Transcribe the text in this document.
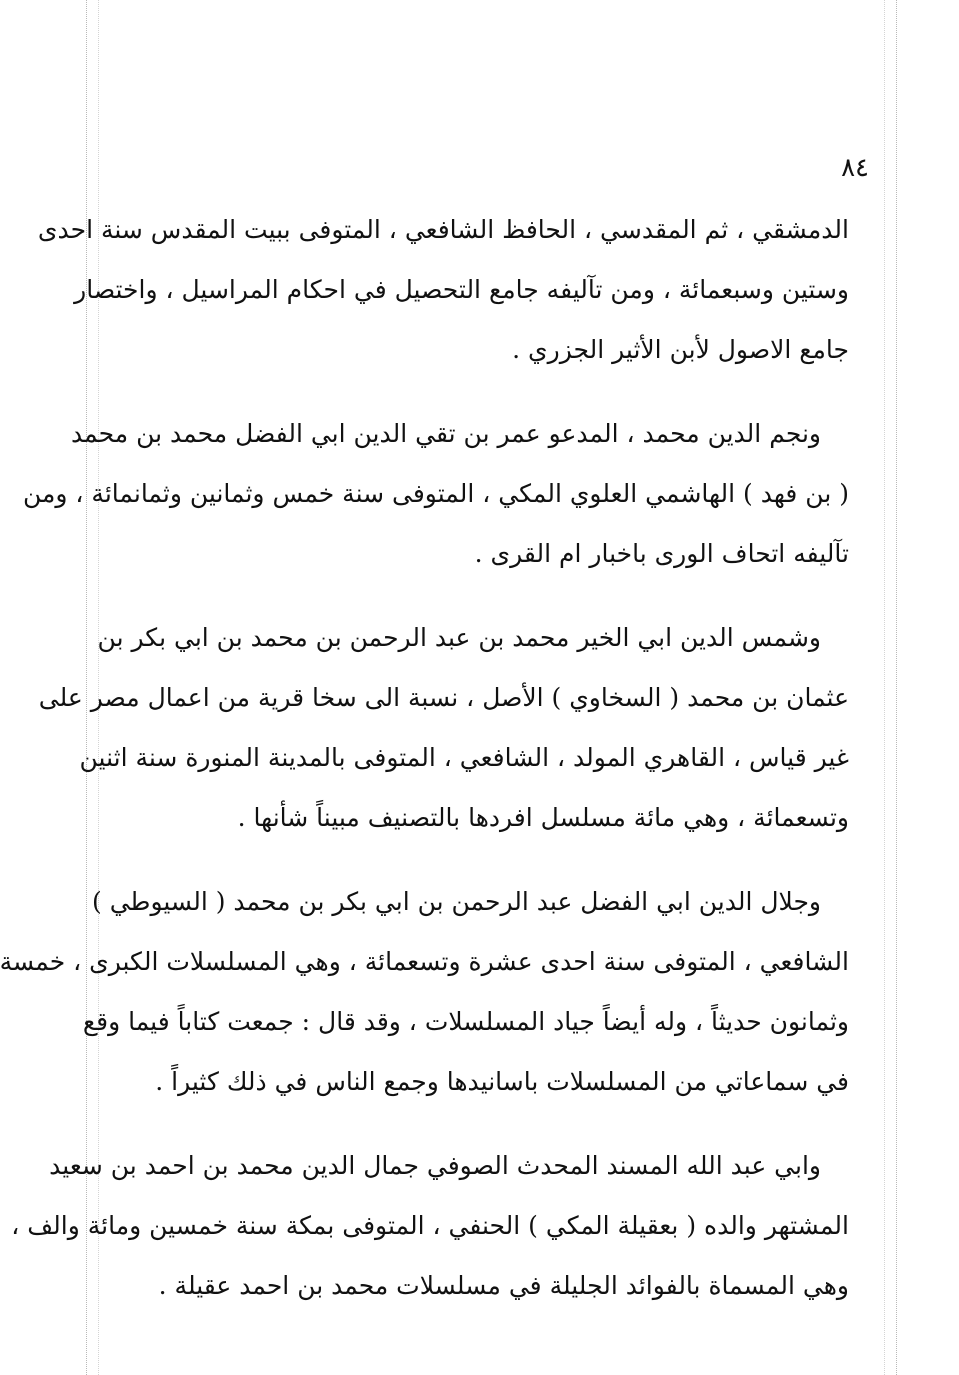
٨٤
الدمشقي ، ثم المقدسي ، الحافظ الشافعي ، المتوفى ببيت المقدس سنة احدى
وستين وسبعمائة ، ومن تآليفه جامع التحصيل في احكام المراسيل ، واختصار
جامع الاصول لأبن الأثير الجزري .
ونجم الدين محمد ، المدعو عمر بن تقي الدين ابي الفضل محمد بن محمد
( بن فهد ) الهاشمي العلوي المكي ، المتوفى سنة خمس وثمانين وثمانمائة ، ومن
تآليفه اتحاف الورى باخبار ام القرى .
وشمس الدين ابي الخير محمد بن عبد الرحمن بن محمد بن ابي بكر بن
عثمان بن محمد ( السخاوي ) الأصل ، نسبة الى سخا قرية من اعمال مصر على
غير قياس ، القاهري المولد ، الشافعي ، المتوفى بالمدينة المنورة سنة اثنين
وتسعمائة ، وهي مائة مسلسل افردها بالتصنيف مبيناً شأنها .
وجلال الدين ابي الفضل عبد الرحمن بن ابي بكر بن محمد ( السيوطي )
الشافعي ، المتوفى سنة احدى عشرة وتسعمائة ، وهي المسلسلات الكبرى ، خمسة
وثمانون حديثاً ، وله أيضاً جياد المسلسلات ، وقد قال : جمعت كتاباً فيما وقع
في سماعاتي من المسلسلات باسانيدها وجمع الناس في ذلك كثيراً .
وابي عبد الله المسند المحدث الصوفي جمال الدين محمد بن احمد بن سعيد
المشتهر والده ( بعقيلة المكي ) الحنفي ، المتوفى بمكة سنة خمسين ومائة والف ،
وهي المسماة بالفوائد الجليلة في مسلسلات محمد بن احمد عقيلة .
